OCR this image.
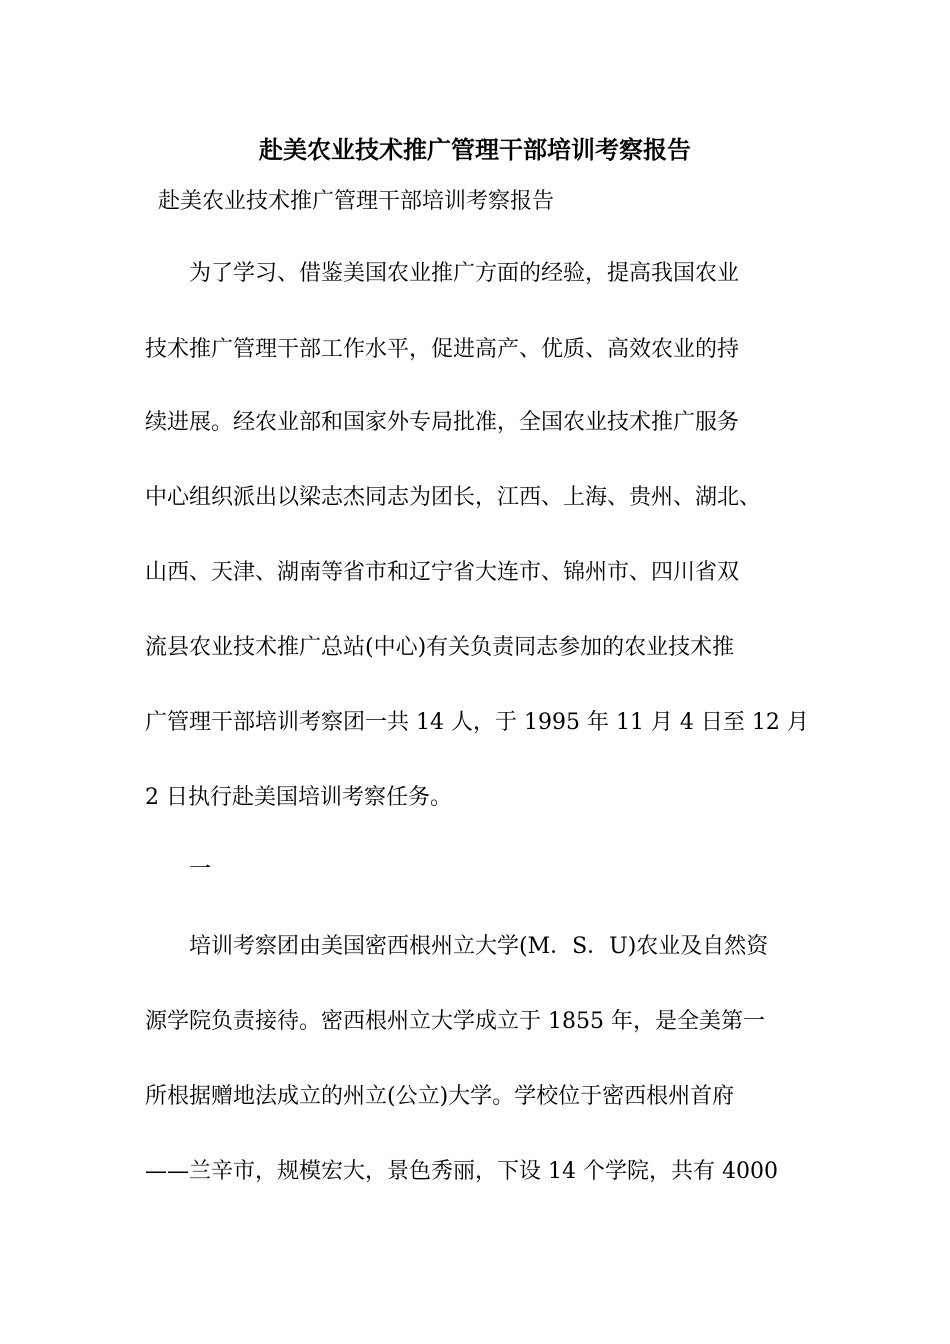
赴美农业技术推广管理干部培训考察报告
赴美农业技术推广管理干部培训考察报告
　　为了学习、借鉴美国农业推广方面的经验，提高我国农业
技术推广管理干部工作水平，促进高产、优质、高效农业的持
续进展。经农业部和国家外专局批准，全国农业技术推广服务
中心组织派出以梁志杰同志为团长，江西、上海、贵州、湖北、
山西、天津、湖南等省市和辽宁省大连市、锦州市、四川省双
流县农业技术推广总站(中心)有关负责同志参加的农业技术推
广管理干部培训考察团一共 14 人，于 1995 年 11 月 4 日至 12 月
2 日执行赴美国培训考察任务。
　　一
　　培训考察团由美国密西根州立大学(M．S．U)农业及自然资
源学院负责接待。密西根州立大学成立于 1855 年，是全美第一
所根据赠地法成立的州立(公立)大学。学校位于密西根州首府
——兰辛市，规模宏大，景色秀丽，下设 14 个学院，共有 4000
